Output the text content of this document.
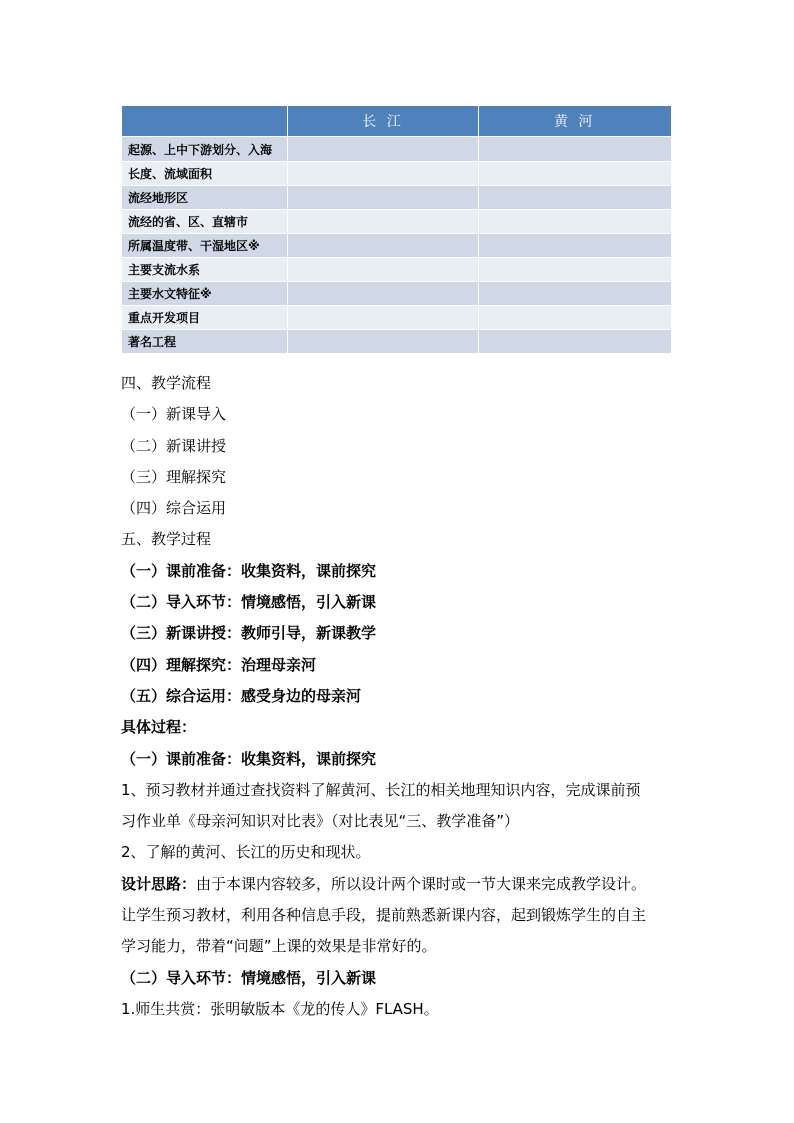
	长 江	黄 河
起源、上中下游划分、入海		
长度、流域面积		
流经地形区		
流经的省、区、直辖市		
所属温度带、干湿地区※		
主要支流水系		
主要水文特征※		
重点开发项目		
著名工程		
四、教学流程
（一）新课导入
（二）新课讲授
（三）理解探究
（四）综合运用
五、教学过程
（一）课前准备：收集资料，课前探究
（二）导入环节：情境感悟，引入新课
（三）新课讲授：教师引导，新课教学
（四）理解探究：治理母亲河
（五）综合运用：感受身边的母亲河
具体过程：
（一）课前准备：收集资料，课前探究
1、预习教材并通过查找资料了解黄河、长江的相关地理知识内容，完成课前预
习作业单《母亲河知识对比表》（对比表见“三、教学准备”）
2、了解的黄河、长江的历史和现状。
设计思路：由于本课内容较多，所以设计两个课时或一节大课来完成教学设计。
让学生预习教材，利用各种信息手段，提前熟悉新课内容，起到锻炼学生的自主
学习能力，带着“问题”上课的效果是非常好的。
（二）导入环节：情境感悟，引入新课
1.师生共赏：张明敏版本《龙的传人》FLASH。
